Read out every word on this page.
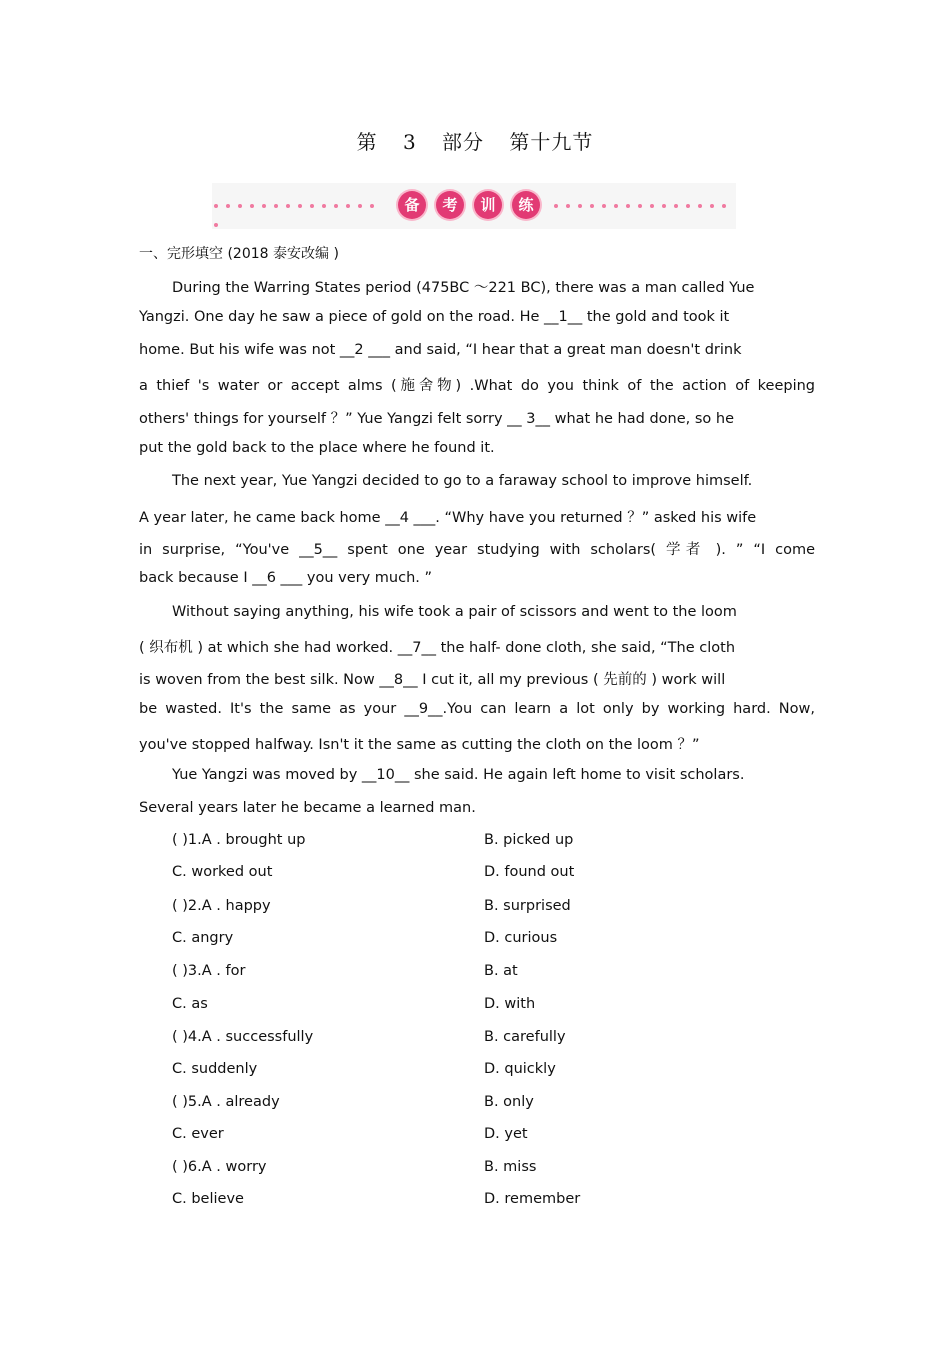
第 3 部分 第十九节
备 考 训 练
一、完形填空 (2018 泰安改编 )
During the Warring States period (475BC ～221 BC), there was a man called Yue
Yangzi. One day he saw a piece of gold on the road. He __1__ the gold and took it
home. But his wife was not __2 ___ and said, “I hear that a great man doesn't drink
a thief 's water or accept alms (施舍物) .What do you think of the action of keeping
others' things for yourself ？” Yue Yangzi felt sorry __ 3__ what he had done, so he
put the gold back to the place where he found it.
The next year, Yue Yangzi decided to go to a faraway school to improve himself.
A year later, he came back home __4 ___. “Why have you returned ？” asked his wife
in surprise, “You've __5__ spent one year studying with scholars( 学者 ). ” “I come
back because I __6 ___ you very much. ”
Without saying anything, his wife took a pair of scissors and went to the loom
( 织布机 ) at which she had worked. __7__ the half- done cloth, she said, “The cloth
is woven from the best silk. Now __8__ I cut it, all my previous ( 先前的 ) work will
be wasted. It's the same as your __9__.You can learn a lot only by working hard. Now,
you've stopped halfway. Isn't it the same as cutting the cloth on the loom ？”
Yue Yangzi was moved by __10__ she said. He again left home to visit scholars.
Several years later he became a learned man.
( )1.A . brought up	B. picked up
C. worked out	D. found out
( )2.A . happy	B. surprised
C. angry	D. curious
( )3.A . for	B. at
C. as	D. with
( )4.A . successfully	B. carefully
C. suddenly	D. quickly
( )5.A . already	B. only
C. ever	D. yet
( )6.A . worry	B. miss
C. believe	D. remember
